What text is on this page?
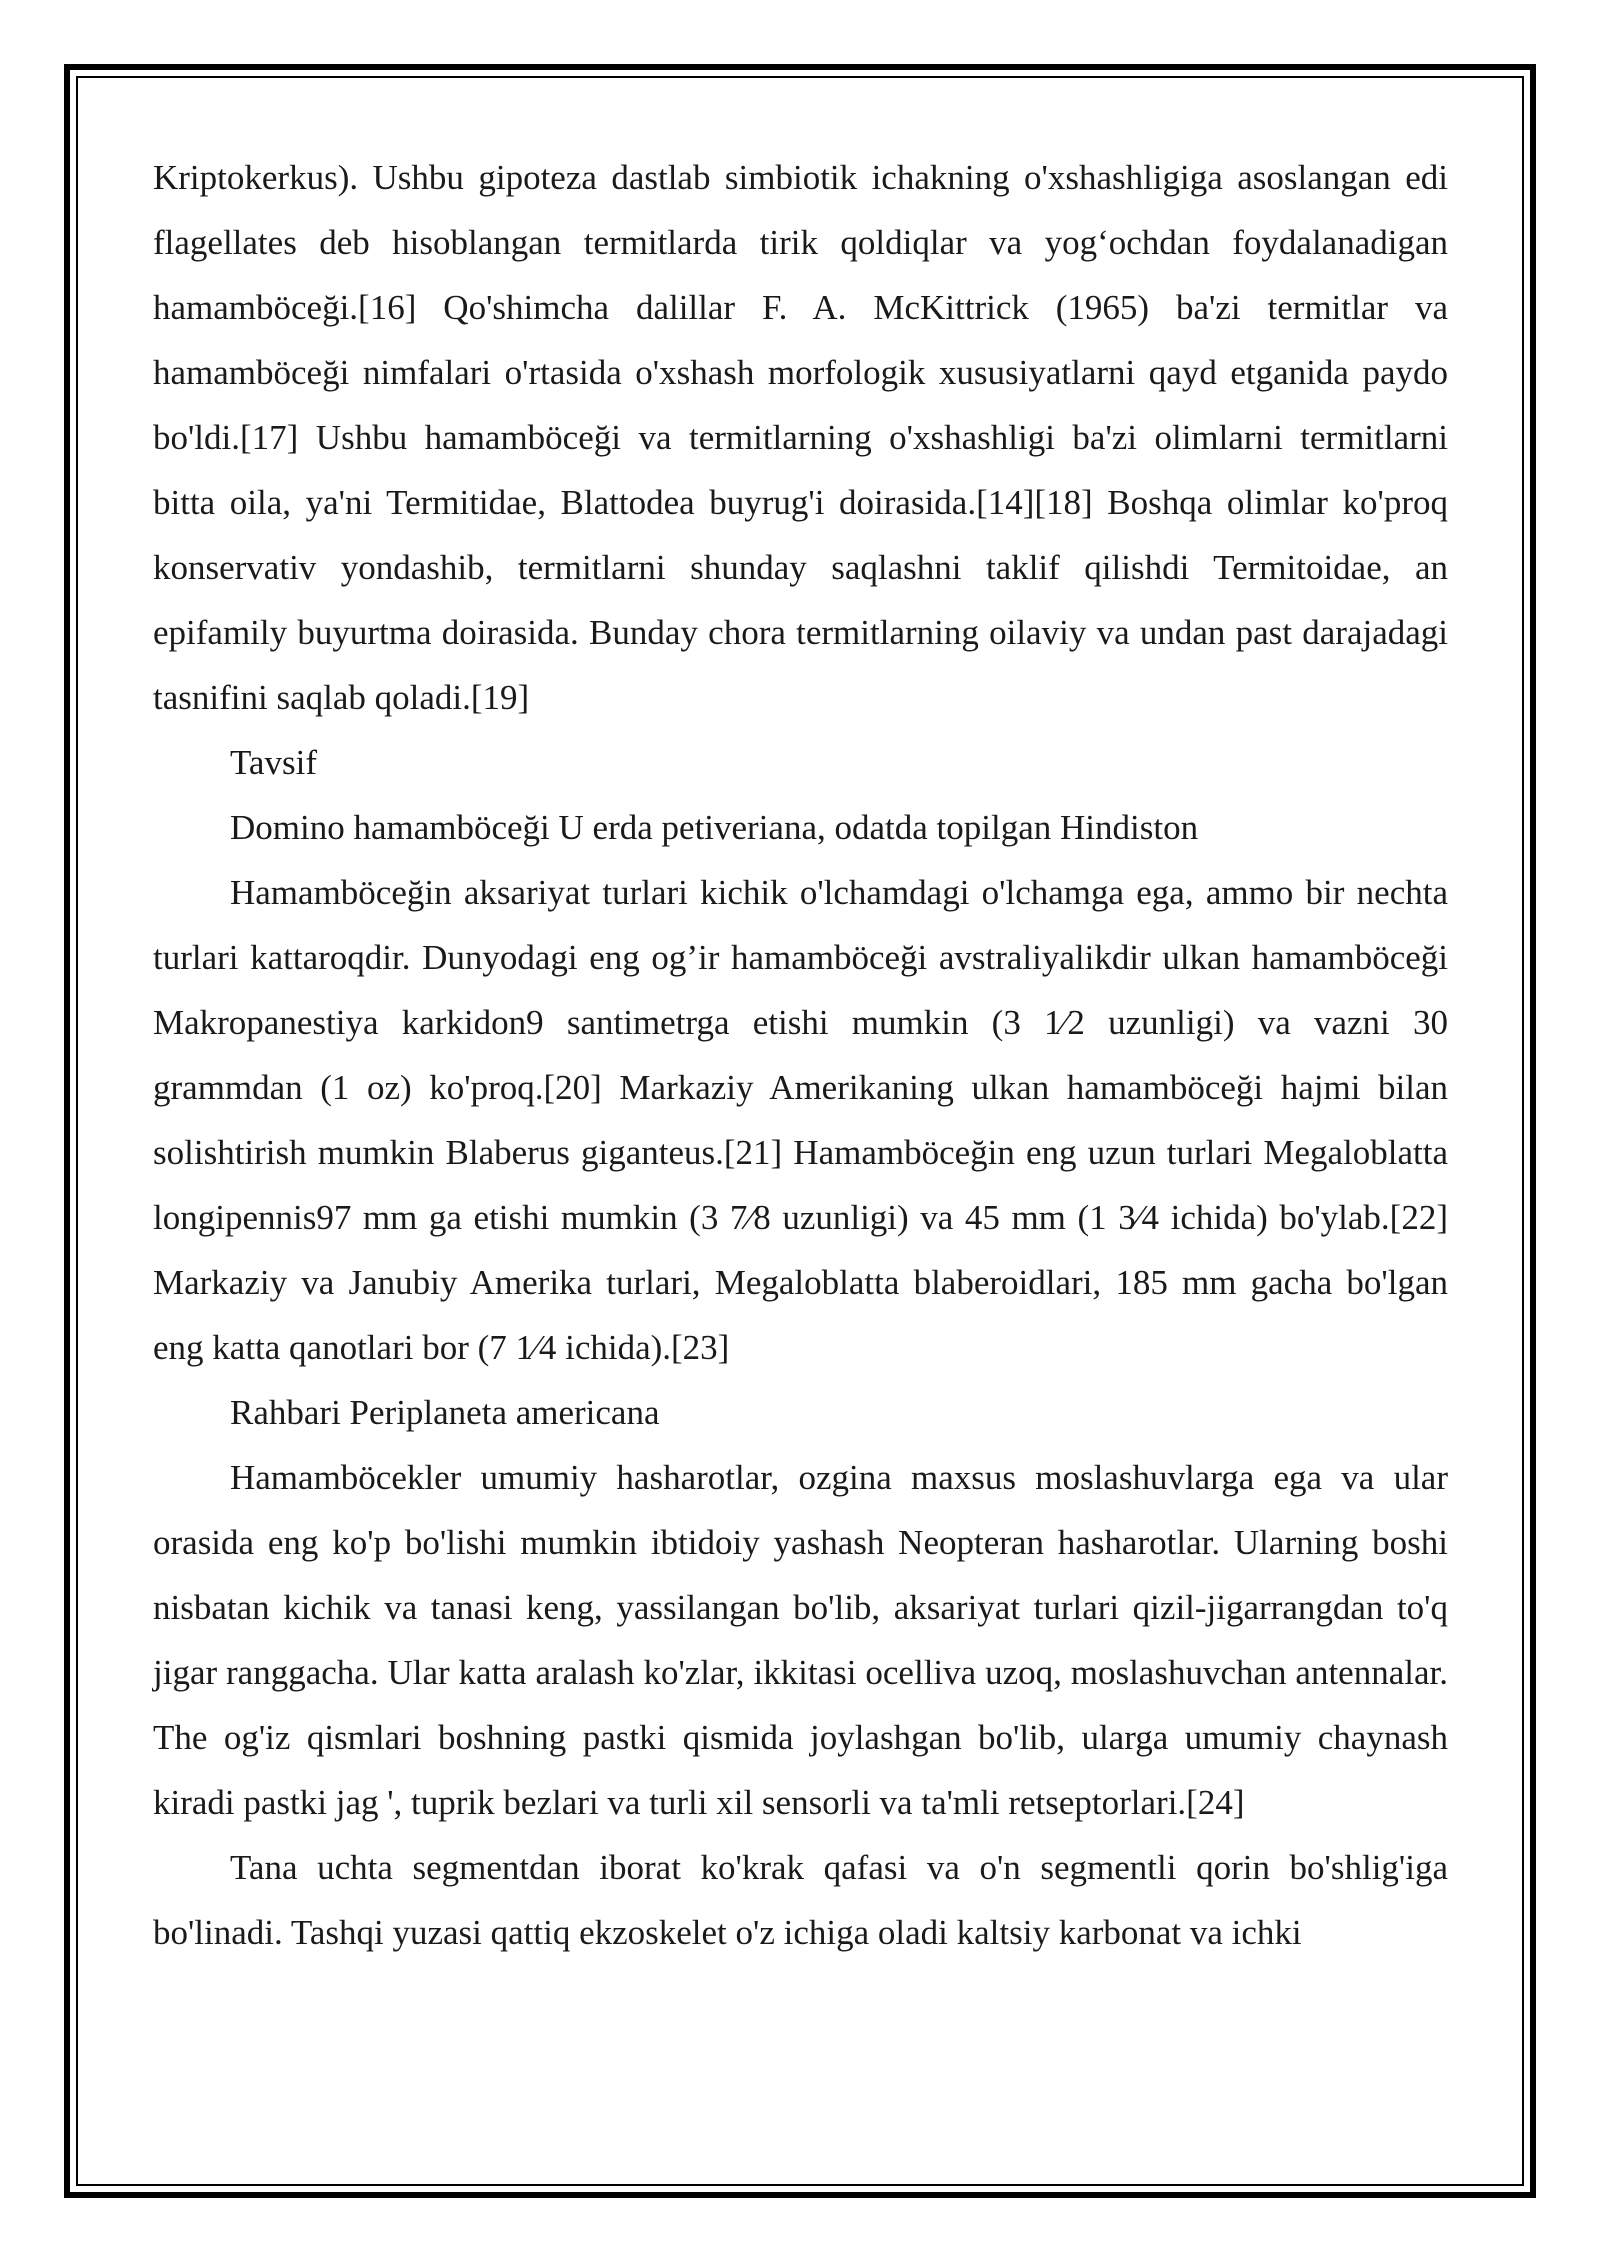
Kriptokerkus). Ushbu gipoteza dastlab simbiotik ichakning o'xshashligiga asoslangan edi flagellates deb hisoblangan termitlarda tirik qoldiqlar va yog‘ochdan foydalanadigan hamamböceği.[16] Qo'shimcha dalillar F. A. McKittrick (1965) ba'zi termitlar va hamamböceği nimfalari o'rtasida o'xshash morfologik xususiyatlarni qayd etganida paydo bo'ldi.[17] Ushbu hamamböceği va termitlarning o'xshashligi ba'zi olimlarni termitlarni bitta oila, ya'ni Termitidae, Blattodea buyrug'i doirasida.[14][18] Boshqa olimlar ko'proq konservativ yondashib, termitlarni shunday saqlashni taklif qilishdi Termitoidae, an epifamily buyurtma doirasida. Bunday chora termitlarning oilaviy va undan past darajadagi tasnifini saqlab qoladi.[19]

Tavsif

Domino hamamböceği U erda petiveriana, odatda topilgan Hindiston

Hamamböceğin aksariyat turlari kichik o'lchamdagi o'lchamga ega, ammo bir nechta turlari kattaroqdir. Dunyodagi eng og’ir hamamböceği avstraliyalikdir ulkan hamamböceği Makropanestiya karkidon9 santimetrga etishi mumkin (3 1⁄2 uzunligi) va vazni 30 grammdan (1 oz) ko'proq.[20] Markaziy Amerikaning ulkan hamamböceği hajmi bilan solishtirish mumkin Blaberus giganteus.[21] Hamamböceğin eng uzun turlari Megaloblatta longipennis97 mm ga etishi mumkin (3 7⁄8 uzunligi) va 45 mm (1 3⁄4 ichida) bo'ylab.[22] Markaziy va Janubiy Amerika turlari, Megaloblatta blaberoidlari, 185 mm gacha bo'lgan eng katta qanotlari bor (7 1⁄4 ichida).[23]

Rahbari Periplaneta americana

Hamamböcekler umumiy hasharotlar, ozgina maxsus moslashuvlarga ega va ular orasida eng ko'p bo'lishi mumkin ibtidoiy yashash Neopteran hasharotlar. Ularning boshi nisbatan kichik va tanasi keng, yassilangan bo'lib, aksariyat turlari qizil-jigarrangdan to'q jigar ranggacha. Ular katta aralash ko'zlar, ikkitasi ocelliva uzoq, moslashuvchan antennalar. The og'iz qismlari boshning pastki qismida joylashgan bo'lib, ularga umumiy chaynash kiradi pastki jag ', tuprik bezlari va turli xil sensorli va ta'mli retseptorlari.[24]

Tana uchta segmentdan iborat ko'krak qafasi va o'n segmentli qorin bo'shlig'iga bo'linadi. Tashqi yuzasi qattiq ekzoskelet o'z ichiga oladi kaltsiy karbonat va ichki
